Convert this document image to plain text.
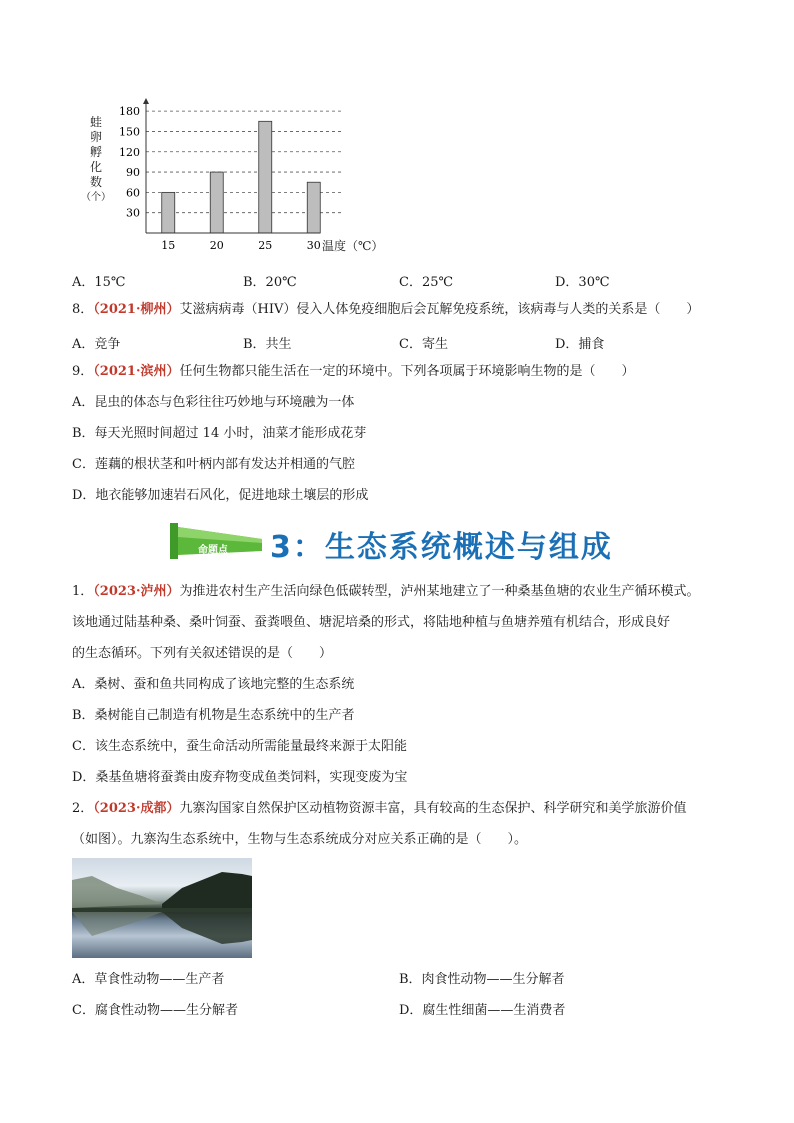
蛙
卵
孵
化
数
（个）
30
60
90
120
150
180
15	20	25	30 温度（℃）
A．15℃	B．20℃	C．25℃	D．30℃
8．（2021·柳州）艾滋病病毒（HIV）侵入人体免疫细胞后会瓦解免疫系统，该病毒与人类的关系是（　　）
A．竞争	B．共生	C．寄生	D．捕食
9．（2021·滨州）任何生物都只能生活在一定的环境中。下列各项属于环境影响生物的是（　　）
A．昆虫的体态与色彩往往巧妙地与环境融为一体
B．每天光照时间超过 14 小时，油菜才能形成花芽
C．莲藕的根状茎和叶柄内部有发达并相通的气腔
D．地衣能够加速岩石风化，促进地球土壤层的形成
命题点 3：生态系统概述与组成
1．（2023·泸州）为推进农村生产生活向绿色低碳转型，泸州某地建立了一种桑基鱼塘的农业生产循环模式。
该地通过陆基种桑、桑叶饲蚕、蚕粪喂鱼、塘泥培桑的形式，将陆地种植与鱼塘养殖有机结合，形成良好
的生态循环。下列有关叙述错误的是（　　）
A．桑树、蚕和鱼共同构成了该地完整的生态系统
B．桑树能自己制造有机物是生态系统中的生产者
C．该生态系统中，蚕生命活动所需能量最终来源于太阳能
D．桑基鱼塘将蚕粪由废弃物变成鱼类饲料，实现变废为宝
2．（2023·成都）九寨沟国家自然保护区动植物资源丰富，具有较高的生态保护、科学研究和美学旅游价值
（如图）。九寨沟生态系统中，生物与生态系统成分对应关系正确的是（　　）。
A．草食性动物——生产者	B．肉食性动物——生分解者
C．腐食性动物——生分解者	D．腐生性细菌——生消费者
